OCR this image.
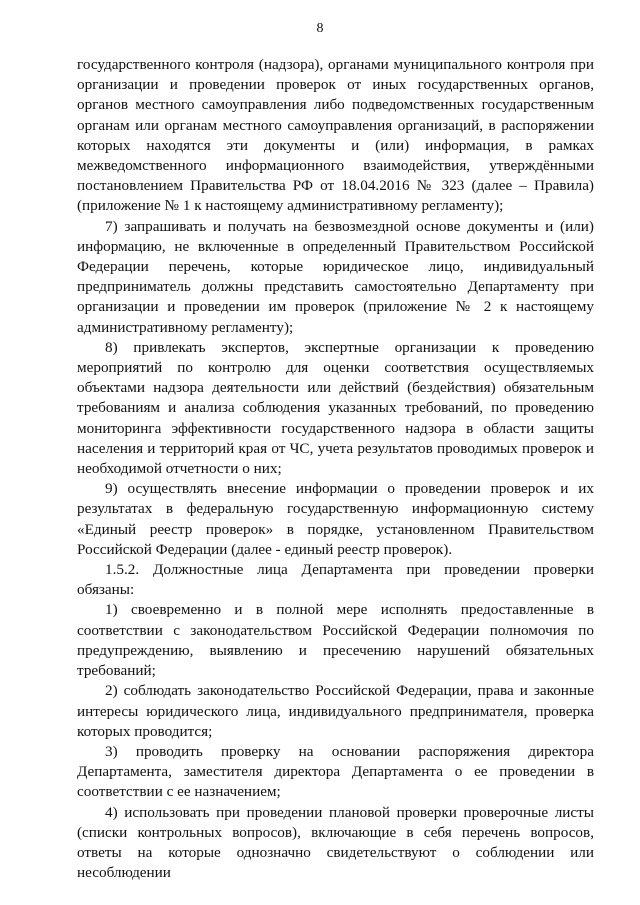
8

государственного контроля (надзора), органами муниципального контроля при организации и проведении проверок от иных государственных органов, органов местного самоуправления либо подведомственных государственным органам или органам местного самоуправления организаций, в распоряжении которых находятся эти документы и (или) информация, в рамках межведомственного информационного взаимодействия, утверждёнными постановлением Правительства РФ от 18.04.2016 № 323 (далее – Правила) (приложение № 1 к настоящему административному регламенту);

7) запрашивать и получать на безвозмездной основе документы и (или) информацию, не включенные в определенный Правительством Российской Федерации перечень, которые юридическое лицо, индивидуальный предприниматель должны представить самостоятельно Департаменту при организации и проведении им проверок (приложение № 2 к настоящему административному регламенту);

8) привлекать экспертов, экспертные организации к проведению мероприятий по контролю для оценки соответствия осуществляемых объектами надзора деятельности или действий (бездействия) обязательным требованиям и анализа соблюдения указанных требований, по проведению мониторинга эффективности государственного надзора в области защиты населения и территорий края от ЧС, учета результатов проводимых проверок и необходимой отчетности о них;

9) осуществлять внесение информации о проведении проверок и их результатах в федеральную государственную информационную систему «Единый реестр проверок» в порядке, установленном Правительством Российской Федерации (далее - единый реестр проверок).

1.5.2. Должностные лица Департамента при проведении проверки обязаны:

1) своевременно и в полной мере исполнять предоставленные в соответствии с законодательством Российской Федерации полномочия по предупреждению, выявлению и пресечению нарушений обязательных требований;

2) соблюдать законодательство Российской Федерации, права и законные интересы юридического лица, индивидуального предпринимателя, проверка которых проводится;

3) проводить проверку на основании распоряжения директора Департамента, заместителя директора Департамента о ее проведении в соответствии с ее назначением;

4) использовать при проведении плановой проверки проверочные листы (списки контрольных вопросов), включающие в себя перечень вопросов, ответы на которые однозначно свидетельствуют о соблюдении или несоблюдении
